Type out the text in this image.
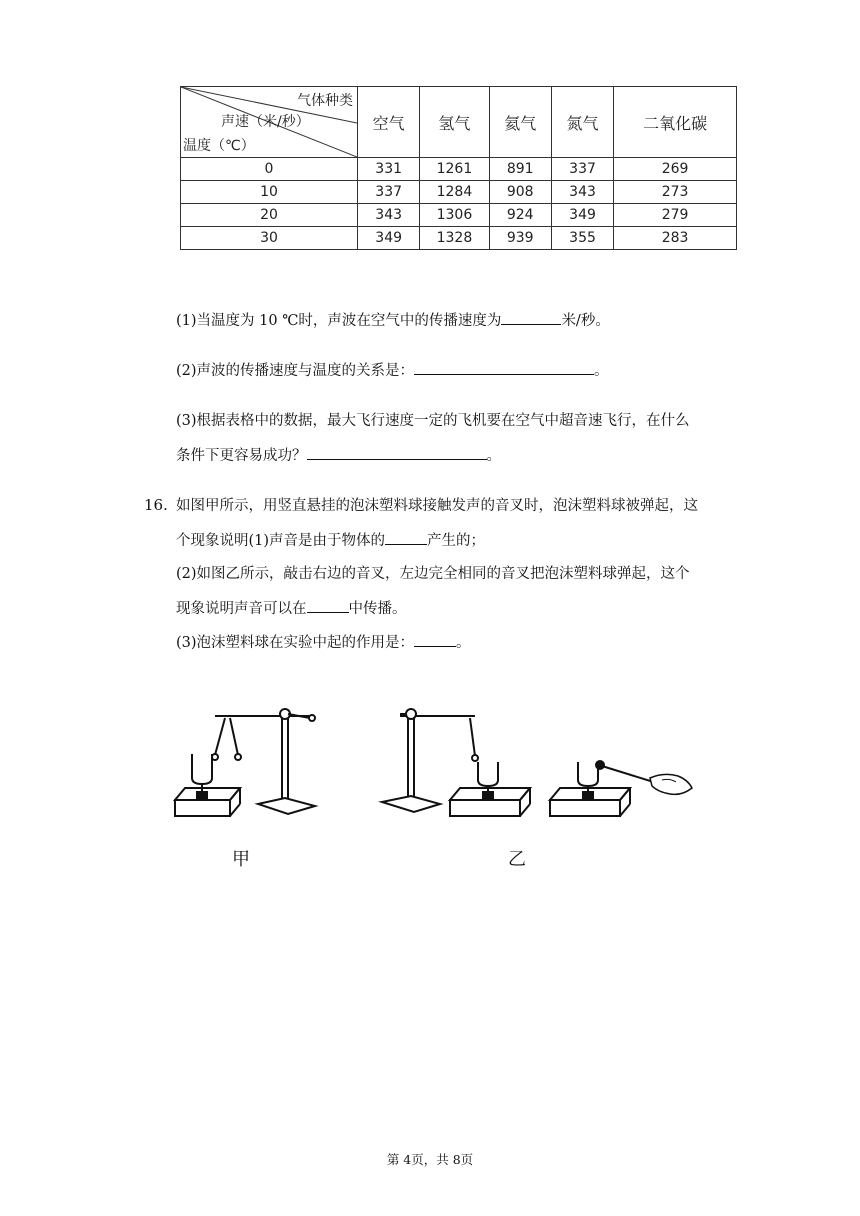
气体种类
声速（米/秒）
温度（℃）	空气	氢气	氦气	氮气	二氧化碳
0	331	1261	891	337	269
10	337	1284	908	343	273
20	343	1306	924	349	279
30	349	1328	939	355	283
(1)当温度为 10 ℃时，声波在空气中的传播速度为	米/秒。
(2)声波的传播速度与温度的关系是：	。
(3)根据表格中的数据，最大飞行速度一定的飞机要在空气中超音速飞行，在什么
条件下更容易成功？	。
16. 如图甲所示，用竖直悬挂的泡沫塑料球接触发声的音叉时，泡沫塑料球被弹起，这
个现象说明(1)声音是由于物体的	产生的；
(2)如图乙所示，敲击右边的音叉，左边完全相同的音叉把泡沫塑料球弹起，这个
现象说明声音可以在	中传播。
(3)泡沫塑料球在实验中起的作用是：	。
甲	乙
第 4页，共 8页
